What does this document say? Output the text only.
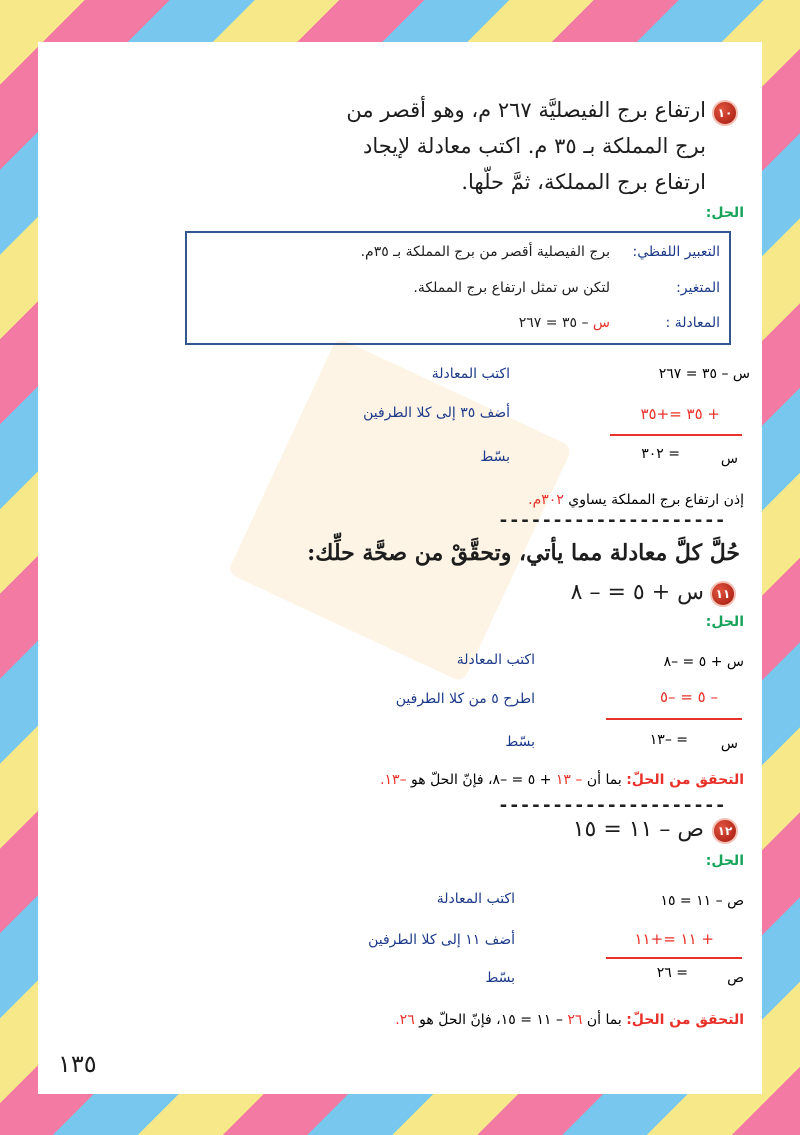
١٠
ارتفاع برج الفيصليَّة ٢٦٧ م، وهو أقصر من برج المملكة بـ ٣٥ م. اكتب معادلة لإيجاد ارتفاع برج المملكة، ثمَّ حلّها.
الحل:
التعبير اللفظي:
برج الفيصلية أقصر من برج المملكة بـ ٣٥م.
المتغير:
لتكن س تمثل ارتفاع برج المملكة.
المعادلة :
س – ٣٥ = ٢٦٧
س – ٣٥ = ٢٦٧
اكتب المعادلة
+ ٣٥ =+٣٥
أضف ٣٥ إلى كلا الطرفين
س
= ٣٠٢
بسّط
إذن ارتفاع برج المملكة يساوي ٣٠٢م.
---------------------
حُلَّ كلَّ معادلة مما يأتي، وتحقَّقْ من صحَّة حلِّك:
١١
س + ٥ = – ٨
الحل:
س + ٥ = –٨
اكتب المعادلة
– ٥ = –٥
اطرح ٥ من كلا الطرفين
س
= –١٣
بسّط
التحقق من الحلّ: بما أن – ١٣ + ٥ = –٨، فإنّ الحلّ هو –١٣.
---------------------
١٢
ص – ١١ = ١٥
الحل:
ص – ١١ = ١٥
اكتب المعادلة
+ ١١ =+١١
أضف ١١ إلى كلا الطرفين
ص
= ٢٦
بسّط
التحقق من الحلّ: بما أن ٢٦ – ١١ = ١٥، فإنّ الحلّ هو ٢٦.
١٣٥
